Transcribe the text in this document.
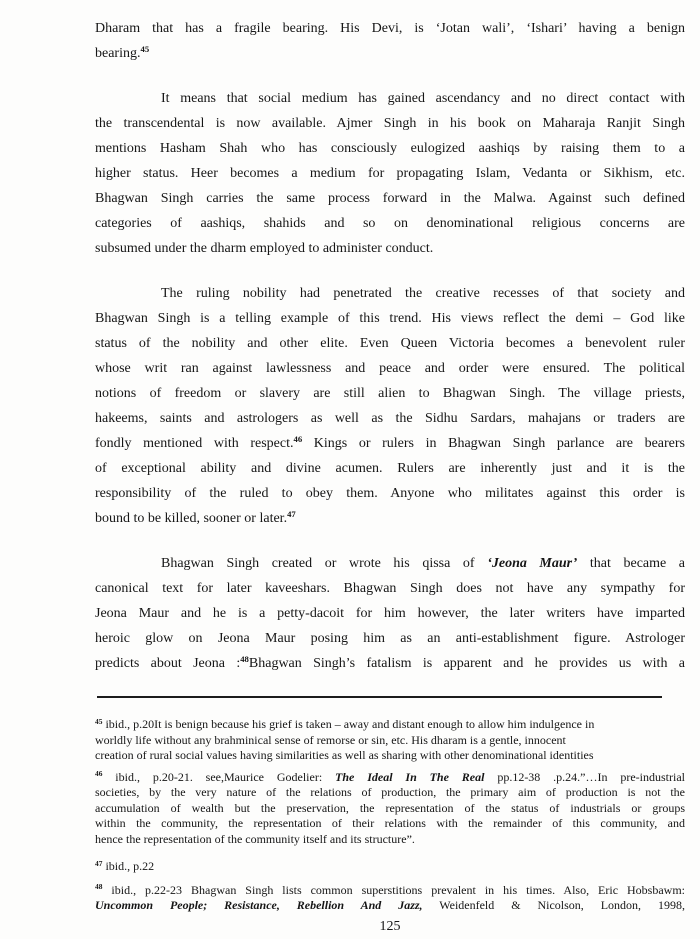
Dharam that has a fragile bearing. His Devi, is ‘Jotan wali’, ‘Ishari’ having a benign
bearing.$^{45}$
It means that social medium has gained ascendancy and no direct contact with
the transcendental is now available. Ajmer Singh in his book on Maharaja Ranjit Singh
mentions Hasham Shah who has consciously eulogized aashiqs by raising them to a
higher status. Heer becomes a medium for propagating Islam, Vedanta or Sikhism, etc.
Bhagwan Singh carries the same process forward in the Malwa. Against such defined
categories of aashiqs, shahids and so on denominational religious concerns are
subsumed under the dharm employed to administer conduct.
The ruling nobility had penetrated the creative recesses of that society and
Bhagwan Singh is a telling example of this trend. His views reflect the demi – God like
status of the nobility and other elite. Even Queen Victoria becomes a benevolent ruler
whose writ ran against lawlessness and peace and order were ensured. The political
notions of freedom or slavery are still alien to Bhagwan Singh. The village priests,
hakeems, saints and astrologers as well as the Sidhu Sardars, mahajans or traders are
fondly mentioned with respect.$^{46}$ Kings or rulers in Bhagwan Singh parlance are bearers
of exceptional ability and divine acumen. Rulers are inherently just and it is the
responsibility of the ruled to obey them. Anyone who militates against this order is
bound to be killed, sooner or later.$^{47}$
Bhagwan Singh created or wrote his qissa of ‘Jeona Maur’ that became a
canonical text for later kaveeshars. Bhagwan Singh does not have any sympathy for
Jeona Maur and he is a petty-dacoit for him however, the later writers have imparted
heroic glow on Jeona Maur posing him as an anti-establishment figure. Astrologer
predicts about Jeona :$^{48}$Bhagwan Singh’s fatalism is apparent and he provides us with a
$^{45}$ ibid., p.20It is benign because his grief is taken – away and distant enough to allow him indulgence in
worldly life without any brahminical sense of remorse or sin, etc. His dharam is a gentle, innocent
creation of rural social values having similarities as well as sharing with other denominational identities
$^{46}$ ibid., p.20-21. see,Maurice Godelier: The Ideal In The Real pp.12-38 .p.24.”…In pre-industrial
societies, by the very nature of the relations of production, the primary aim of production is not the
accumulation of wealth but the preservation, the representation of the status of industrials or groups
within the community, the representation of their relations with the remainder of this community, and
hence the representation of the community itself and its structure”.
$^{47}$ ibid., p.22
$^{48}$ ibid., p.22-23 Bhagwan Singh lists common superstitions prevalent in his times. Also, Eric Hobsbawm:
Uncommon People; Resistance, Rebellion And Jazz, Weidenfeld & Nicolson, London, 1998,
125
